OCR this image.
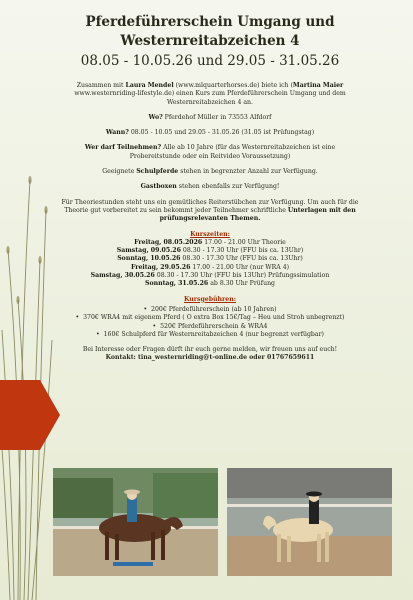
Pferdeführerschein Umgang und
Westernreitabzeichen 4
08.05 - 10.05.26 und 29.05 - 31.05.26

Zusammen mit Laura Mendel (www.mlquarterhorses.de) biete ich (Martina Maier www.westernriding-lifestyle.de) einen Kurs zum Pferdeführerschein Umgang und dem Westernreitabzeichen 4 an.

Wo? Pferdehof Müller in 73553 Alfdorf

Wann? 08.05 - 10.05 und 29.05 - 31.05.26 (31.05 ist Prüfungstag)

Wer darf Teilnehmen? Alle ab 10 Jahre (für das Westernreitabzeichen ist eine Probereitstunde oder ein Reitvideo Voraussetzung)

Geeignete Schulpferde stehen in begrenzter Anzahl zur Verfügung.

Gastboxen stehen ebenfalls zur Verfügung!

Für Theoriestunden steht uns ein gemütliches Reiterstübchen zur Verfügung. Um auch für die Theorie gut vorbereitet zu sein bekommt jeder Teilnehmer schriftliche Unterlagen mit den prüfungsrelevanten Themen.

Kurszeiten:
Freitag, 08.05.2026 17.00 - 21.00 Uhr Theorie
Samstag, 09.05.26 08.30 - 17.30 Uhr (FFU bis ca. 13Uhr)
Sonntag, 10.05.26 08.30 - 17.30 Uhr (FFU bis ca. 13Uhr)
Freitag, 29.05.26 17.00 - 21.00 Uhr (nur WRA 4)
Samstag, 30.05.26 08.30 - 17.30 Uhr (FFU bis 13Uhr) Prüfungssimulation
Sonntag, 31.05.26 ab 8.30 Uhr Prüfung
Kursgebühren:
•  200€ Pferdeführerschein (ab 10 Jahren)
•  370€ WRA4 mit eigenem Pferd ( O extra Box 15€/Tag – Heu und Stroh unbegrenzt)
•  520€ Pferdeführerschein & WRA4
•  160€ Schulpferd für Westernreitabzeichen 4 (nur begrenzt verfügbar)

Bei Interesse oder Fragen dürft ihr euch gerne melden, wir freuen uns auf euch!

Kontakt: tina_westernriding@t-online.de oder 01767659611
